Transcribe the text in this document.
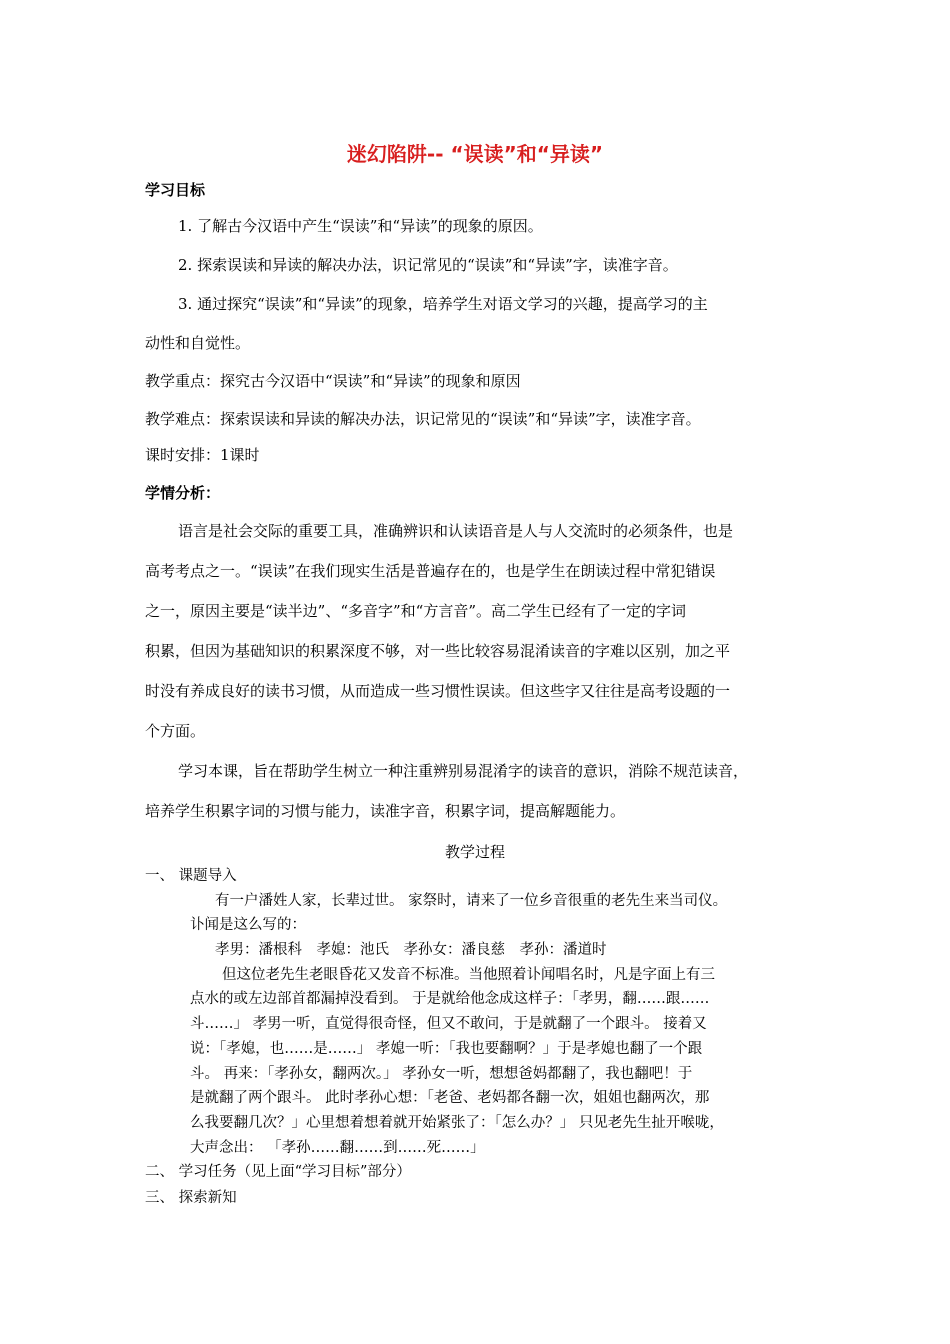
迷幻陷阱-- “误读”和“异读”
学习目标
1. 了解古今汉语中产生“误读”和“异读”的现象的原因。
2. 探索误读和异读的解决办法，识记常见的“误读”和“异读”字，读准字音。
3. 通过探究“误读”和“异读”的现象，培养学生对语文学习的兴趣，提高学习的主
动性和自觉性。
教学重点：探究古今汉语中“误读”和“异读”的现象和原因
教学难点：探索误读和异读的解决办法，识记常见的“误读”和“异读”字，读准字音。
课时安排：1课时
学情分析：
语言是社会交际的重要工具，准确辨识和认读语音是人与人交流时的必须条件，也是
高考考点之一。“误读”在我们现实生活是普遍存在的，也是学生在朗读过程中常犯错误
之一，原因主要是“读半边”、“多音字”和“方言音”。高二学生已经有了一定的字词
积累，但因为基础知识的积累深度不够，对一些比较容易混淆读音的字难以区别，加之平
时没有养成良好的读书习惯，从而造成一些习惯性误读。但这些字又往往是高考设题的一
个方面。
学习本课，旨在帮助学生树立一种注重辨别易混淆字的读音的意识，消除不规范读音，
培养学生积累字词的习惯与能力，读准字音，积累字词，提高解题能力。
教学过程
一、 课题导入
有一户潘姓人家，长辈过世。 家祭时，请来了一位乡音很重的老先生来当司仪。
讣闻是这么写的：
孝男：潘根科　孝媳：池氏　孝孙女：潘良慈　孝孙：潘道时
但这位老先生老眼昏花又发音不标准。当他照着讣闻唱名时，凡是字面上有三
点水的或左边部首都漏掉没看到。 于是就给他念成这样子：「孝男，翻……跟……
斗……」 孝男一听，直觉得很奇怪，但又不敢问，于是就翻了一个跟斗。 接着又
说：「孝媳，也……是……」 孝媳一听：「我也要翻啊？」于是孝媳也翻了一个跟
斗。 再来：「孝孙女，翻两次。」 孝孙女一听，想想爸妈都翻了，我也翻吧！于
是就翻了两个跟斗。 此时孝孙心想：「老爸、老妈都各翻一次，姐姐也翻两次，那
么我要翻几次？」心里想着想着就开始紧张了：「怎么办？」 只见老先生扯开喉咙，
大声念出： 「孝孙……翻……到……死……」
二、 学习任务（见上面“学习目标”部分）
三、 探索新知
